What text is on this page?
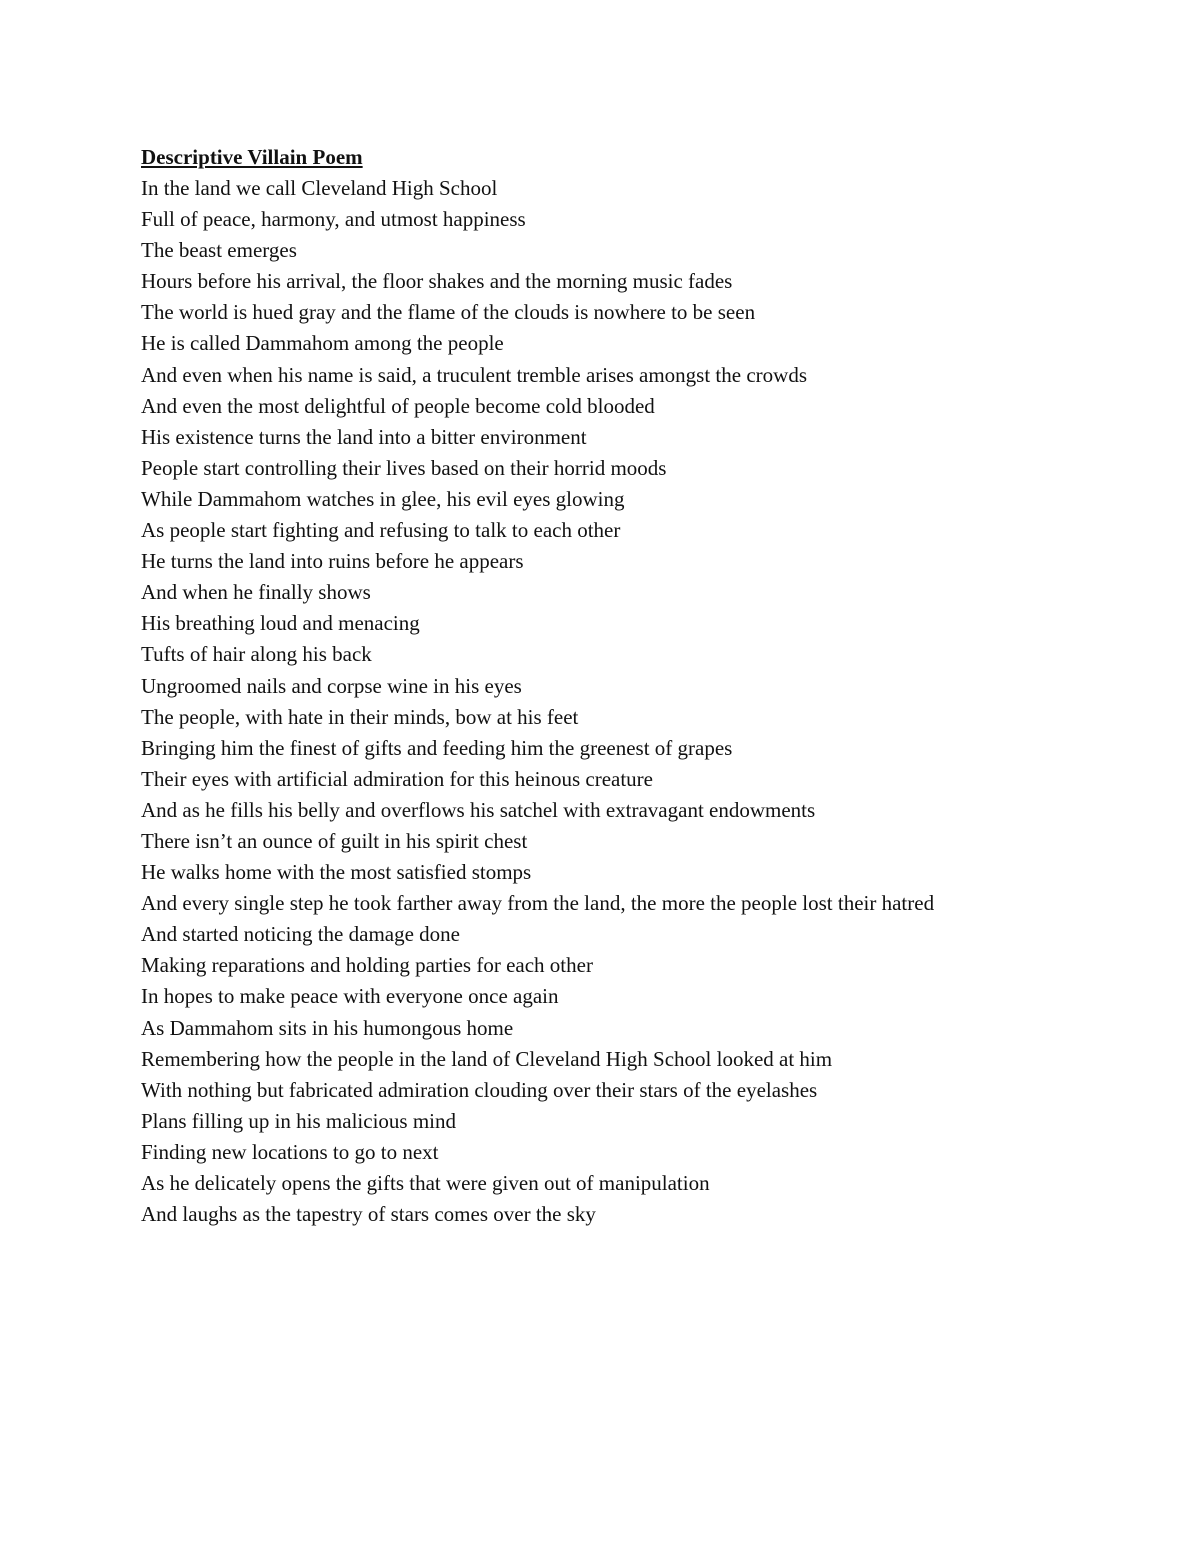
Descriptive Villain Poem
In the land we call Cleveland High School
Full of peace, harmony, and utmost happiness
The beast emerges
Hours before his arrival, the floor shakes and the morning music fades
The world is hued gray and the flame of the clouds is nowhere to be seen
He is called Dammahom among the people
And even when his name is said, a truculent tremble arises amongst the crowds
And even the most delightful of people become cold blooded
His existence turns the land into a bitter environment
People start controlling their lives based on their horrid moods
While Dammahom watches in glee, his evil eyes glowing
As people start fighting and refusing to talk to each other
He turns the land into ruins before he appears
And when he finally shows
His breathing loud and menacing
Tufts of hair along his back
Ungroomed nails and corpse wine in his eyes
The people, with hate in their minds, bow at his feet
Bringing him the finest of gifts and feeding him the greenest of grapes
Their eyes with artificial admiration for this heinous creature
And as he fills his belly and overflows his satchel with extravagant endowments
There isn’t an ounce of guilt in his spirit chest
He walks home with the most satisfied stomps
And every single step he took farther away from the land, the more the people lost their hatred
And started noticing the damage done
Making reparations and holding parties for each other
In hopes to make peace with everyone once again
As Dammahom sits in his humongous home
Remembering how the people in the land of Cleveland High School looked at him
With nothing but fabricated admiration clouding over their stars of the eyelashes
Plans filling up in his malicious mind
Finding new locations to go to next
As he delicately opens the gifts that were given out of manipulation
And laughs as the tapestry of stars comes over the sky
